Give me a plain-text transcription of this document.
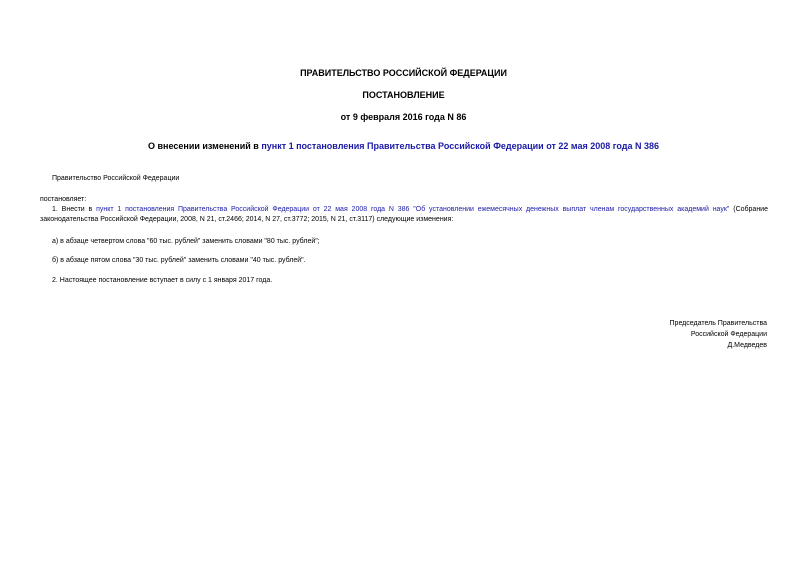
ПРАВИТЕЛЬСТВО РОССИЙСКОЙ ФЕДЕРАЦИИ
ПОСТАНОВЛЕНИЕ
от 9 февраля 2016 года N 86
О внесении изменений в пункт 1 постановления Правительства Российской Федерации от 22 мая 2008 года N 386
Правительство Российской Федерации
постановляет:
1. Внести в пункт 1 постановления Правительства Российской Федерации от 22 мая 2008 года N 386 "Об установлении ежемесячных денежных выплат членам государственных академий наук" (Собрание законодательства Российской Федерации, 2008, N 21, ст.2466; 2014, N 27, ст.3772; 2015, N 21, ст.3117) следующие изменения:
а) в абзаце четвертом слова "60 тыс. рублей" заменить словами "80 тыс. рублей";
б) в абзаце пятом слова "30 тыс. рублей" заменить словами "40 тыс. рублей".
2. Настоящее постановление вступает в силу с 1 января 2017 года.
Председатель Правительства
Российской Федерации
Д.Медведев
